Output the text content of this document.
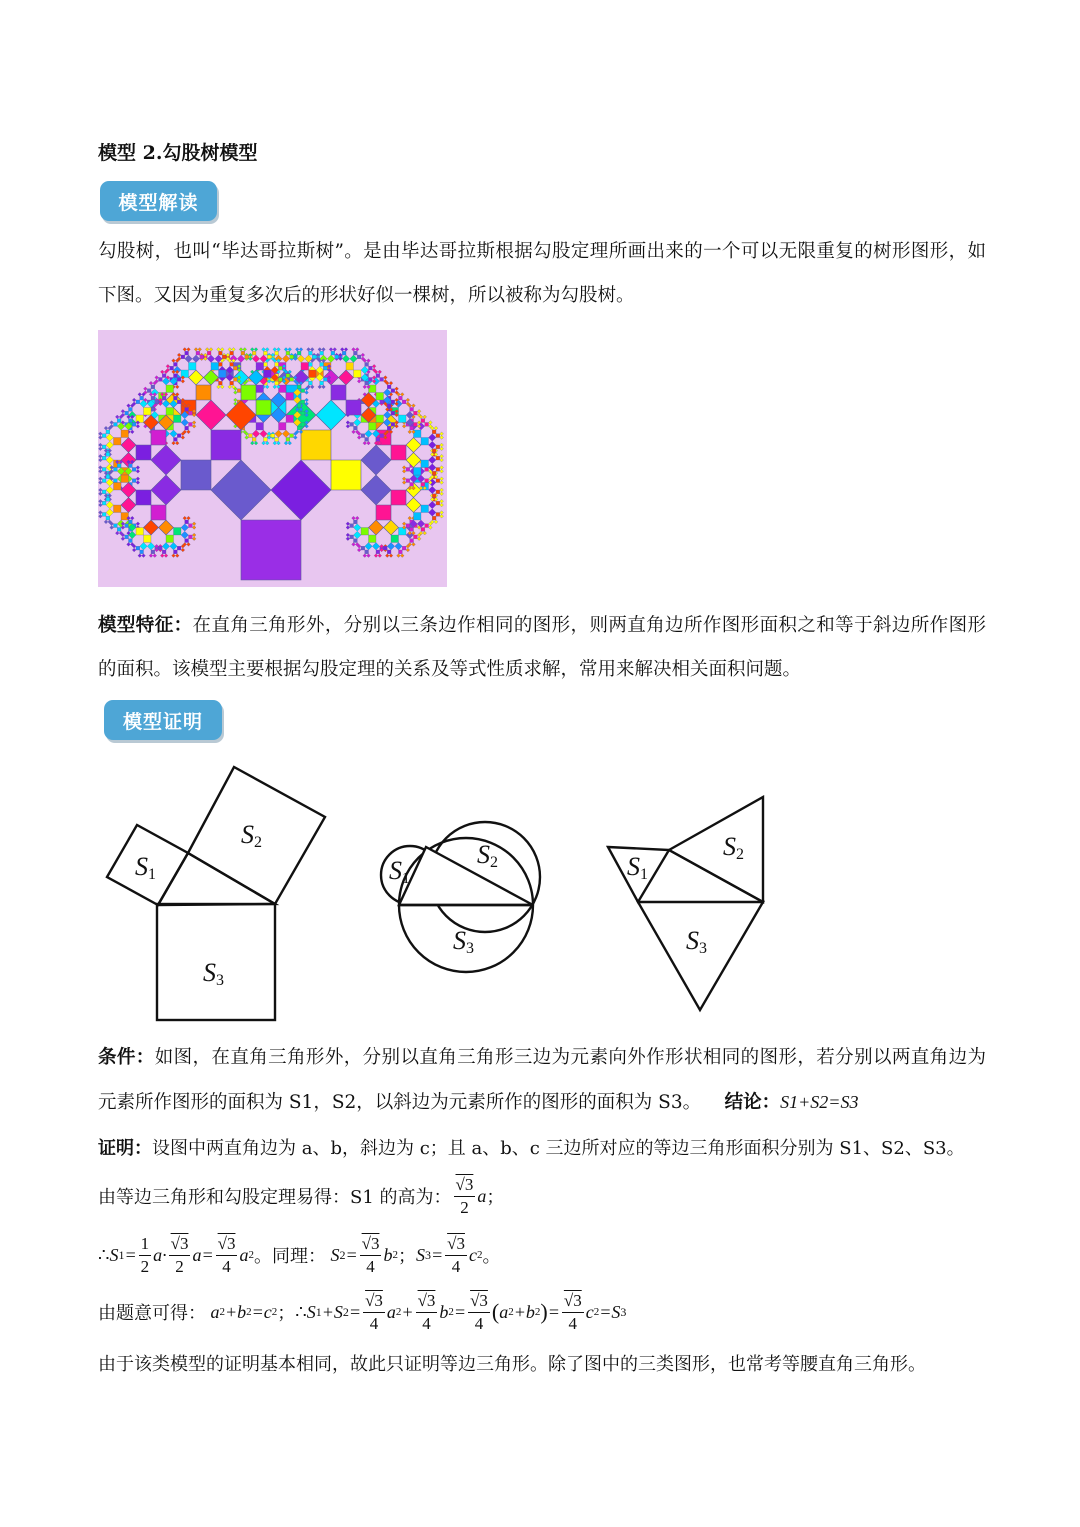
模型 2.勾股树模型
模型解读
勾股树，也叫“毕达哥拉斯树”。是由毕达哥拉斯根据勾股定理所画出来的一个可以无限重复的树形图形，如下图。又因为重复多次后的形状好似一棵树，所以被称为勾股树。
模型特征：在直角三角形外，分别以三条边作相同的图形，则两直角边所作图形面积之和等于斜边所作图形的面积。该模型主要根据勾股定理的关系及等式性质求解，常用来解决相关面积问题。
模型证明
S1
S2
S3
S1
S2
S3
S1
S2
S3
条件：如图，在直角三角形外，分别以直角三角形三边为元素向外作形状相同的图形，若分别以两直角边为元素所作图形的面积为 S1，S2，以斜边为元素所作的图形的面积为 S3。 结论：S1+S2=S3
证明：设图中两直角边为 a、b，斜边为 c；且 a、b、c 三边所对应的等边三角形面积分别为 S1、S2、S3。
由等边三角形和勾股定理易得：S1 的高为： $\frac{√3}{2}$ a ；
∴ S $1 = \frac{1}{2} a\cdot \frac{√3}{2} a= \frac{√3}{4}$ a 2 。 同理： S $2 = \frac{√3}{4}$ b 2 ； S $3 = \frac{√3}{4}$ c 2 。
由题意可得： a 2 +b 2 =c 2 ； ∴ S 1 +S $2 = \frac{√3}{4}$ a $2 + \frac{√3}{4}$ b $2 = \frac{√3}{4}$ ( a 2 +b 2 ) = $\frac{√3}{4}$ c 2 =S 3
由于该类模型的证明基本相同，故此只证明等边三角形。除了图中的三类图形，也常考等腰直角三角形。
